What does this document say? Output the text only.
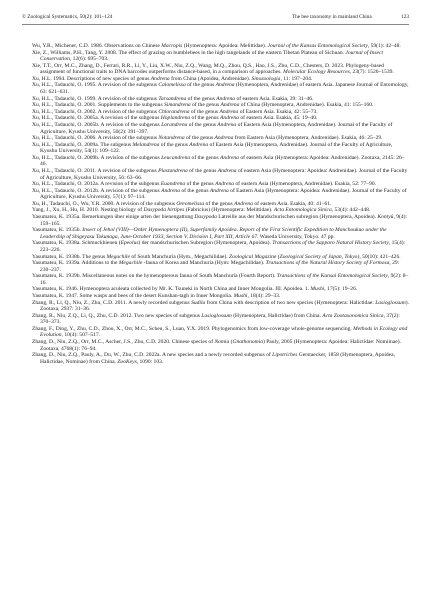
© Zoological Systematics, 50(2): 101–124	The bee taxonomy in mainland China	123
Wu, Y.R., Michener, C.D. 1986. Observations on Chinese Macropis (Hymenoptera: Apoidea: Melittidae). Journal of the Kansas Entomological Society, 59(1): 42–48.
Xie, Z., Williams, P.H., Tang, Y. 2008. The effect of grazing on bumblebees in the high rangelands of the eastern Tibetan Plateau of Sichuan. Journal of Insect Conservation, 12(6): 695–703.
Xie, T.T., Orr, M.C., Zhang, D., Ferrari, R.R., Li, Y., Liu, X.W., Niu, Z.Q., Wang, M.Q., Zhou, Q.S., Hao, J.S., Zhu, C.D., Chesters, D. 2023. Phylogeny-based assignment of functional traits to DNA barcodes outperforms distance-based, in a comparison of approaches. Molecular Ecology Resources, 23(7): 1526–1539.
Xu, H.L. 1994. Descriptions of new species of genus Andrena from China (Apoidea, Andrenidae). Sinozoologia, 11: 197–204.
Xu, H.L., Tadauchi, O. 1995. A revision of the subgenus Calomelissa of the genus Andrena (Hymenoptera, Andrenidae) of eastern Asia. Japanese Journal of Entomology, 63: 621–631.
Xu, H.L., Tadauchi, O. 1999. A revision of the subgenus Tarsandrena of the genus Andrena of eastern Asia. Esakia, 39: 31–46.
Xu, H.L., Tadauchi, O. 2001. Supplements to the subgenus Simandrena of the genus Andrena of China (Hymenoptera, Andrenidae). Esakia, 41: 155–160.
Xu, H.L., Tadauchi, O. 2002. A revision of the subgenus Chlorandrena of the genus Andrena of Eastern Asia. Esakia, 42: 55–73.
Xu, H.L., Tadauchi, O. 2005a. A revision of the subgenus Hoplandrena of the genus Andrena of eastern Asia. Esakia, 45: 19–40.
Xu, H.L., Tadauchi, O. 2005b. A revision of the subgenus Larandrena of the genus Andrena of Eastern Asia (Hymenoptera, Andrenidae). Journal of the Faculty of Agriculture, Kyushu University, 50(2): 391–397.
Xu, H.L., Tadauchi, O. 2006. A revision of the subgenus Notandrena of the genus Andrena from Eastern Asia (Hymenoptera, Andrenidae). Esakia, 46: 25–29.
Xu, H.L., Tadauchi, O. 2009a. The subgenus Melandrena of the genus Andrena of Eastern Asia (Hymenoptera, Andrenidae). Journal of the Faculty of Agriculture, Kyushu University, 54(1): 109–122.
Xu, H.L., Tadauchi, O. 2009b. A revision of the subgenus Leucandrena of the genus Andrena of eastern Asia (Hymenoptera: Apoidea: Andrenidae). Zootaxa, 2145: 26–46.
Xu, H.L., Tadauchi, O. 2011. A revision of the subgenus Plastandrena of the genus Andrena of eastern Asia (Hymenoptera: Apoidea: Andrenidae). Journal of the Faculty of Agriculture, Kyushu University, 56: 63–66.
Xu, H.L., Tadauchi, O. 2012a. A revision of the subgenus Euandrena of the genus Andrena of eastern Asia (Hymenoptera, Andrenidae). Esakia, 52: 77–90.
Xu, H.L., Tadauchi, O. 2012b. A revision of the subgenus Andrena of the genus Andrena of Eastern Asia (Hymenoptera: Apoidea: Andrenidae). Journal of the Faculty of Agriculture, Kyushu University, 57(1): 97–114.
Xu, H., Tadauchi, O., Wu, Y.R. 2000. A revision of the subgenus Oreomelissa of the genus Andrena of eastern Asia. Esakia, 40: 41–61.
Yang, J., Xu, H., Hu, H. 2010. Nesting biology of Dasypoda hirtipes (Fabricius) (Hymenoptera: Melittidae). Acta Entomologica Sinica, 53(4): 442–448.
Yasumatsu, K. 1935a. Bemerkungen über einige arten der bienengattung Dasypoda Latreille aus der Mandschurischen subregion (Hymenoptera, Apoidea). Kontyû, 9(4): 159–165.
Yasumatsu, K. 1935b. Insect of Jehol (VIII)—Order Hymenoptera (II), Superfamily Apoidea. Report of the First Scientific Expedition to Manchoukuo under the Leadership of Shigeyasu Tokunaga, June-October 1933, Section V, Division I, Part XII, Article 67. Waseda University, Tokyo. 47 pp.
Yasumatsu, K. 1938a. Schmuckbienen (Epeolus) der mandschurischen Subregion (Hymenoptera, Apoidea). Transactions of the Sapporo Natural History Society, 15(4): 223–226.
Yasumatsu, K. 1938b. The genus Megachile of South Manchuria (Hym., Megachilidae). Zoological Magazine (Zoological Society of Japan, Tokyo), 50(10): 421–426.
Yasumatsu, K. 1939a. Additions to the Megachile -fauna of Korea and Manchuria (Hym: Megachilidae). Transactions of the Natural History Society of Formosa, 29: 230–237.
Yasumatsu, K. 1939b. Miscellaneous notes on the hymenopterous fauna of South Manchuria (Fourth Report). Transactions of the Kansai Entomological Society, 9(2): 8–16.
Yasumatsu, K. 1946. Hymenoptera aculeata collected by Mr. K. Tsuneki in North China and Inner Mongolia. III. Apoidea. 1. Mushi, 17(5): 19–26.
Yasumatsu, K. 1947. Some wasps and bees of the desert Kunshan-tagh in Inner Mongolia. Mushi, 18(4): 29–33.
Zhang, R., Li, Q., Niu, Z., Zhu, C.D. 2011. A newly recorded subgenus Sudila from China with description of two new species (Hymenoptera: Halictidae: Lasioglossum). Zootaxa, 2937: 31–36.
Zhang, R., Niu, Z.Q., Li, Q., Zhu, C.D. 2012. Two new species of subgenus Lasioglossum (Hymenoptera, Halictidae) from China. Acta Zootaxonomica Sinica, 37(2): 370–373.
Zhang, F., Ding, Y., Zhu, C.D., Zhou, X., Orr, M.C., Scheu, S., Luan, Y.X. 2019. Phylogenomics from low-coverage whole-genome sequencing. Methods in Ecology and Evolution, 10(4): 507–517.
Zhang, D., Niu, Z.Q., Orr, M.C., Ascher, J.S., Zhu, C.D. 2020. Chinese species of Nomia (Gnathonomia) Pauly, 2005 (Hymenoptera: Apoidea: Halictidae: Nomiinae). Zootaxa, 4768(1): 76–94.
Zhang, D., Niu, Z.Q., Pauly, A., Du, W., Zhu, C.D. 2022a. A new species and a newly recorded subgenus of Lipotriches Gerstaecker, 1858 (Hymenoptera, Apoidea, Halictidae, Nominae) from China. ZooKeys, 1090: 103.
